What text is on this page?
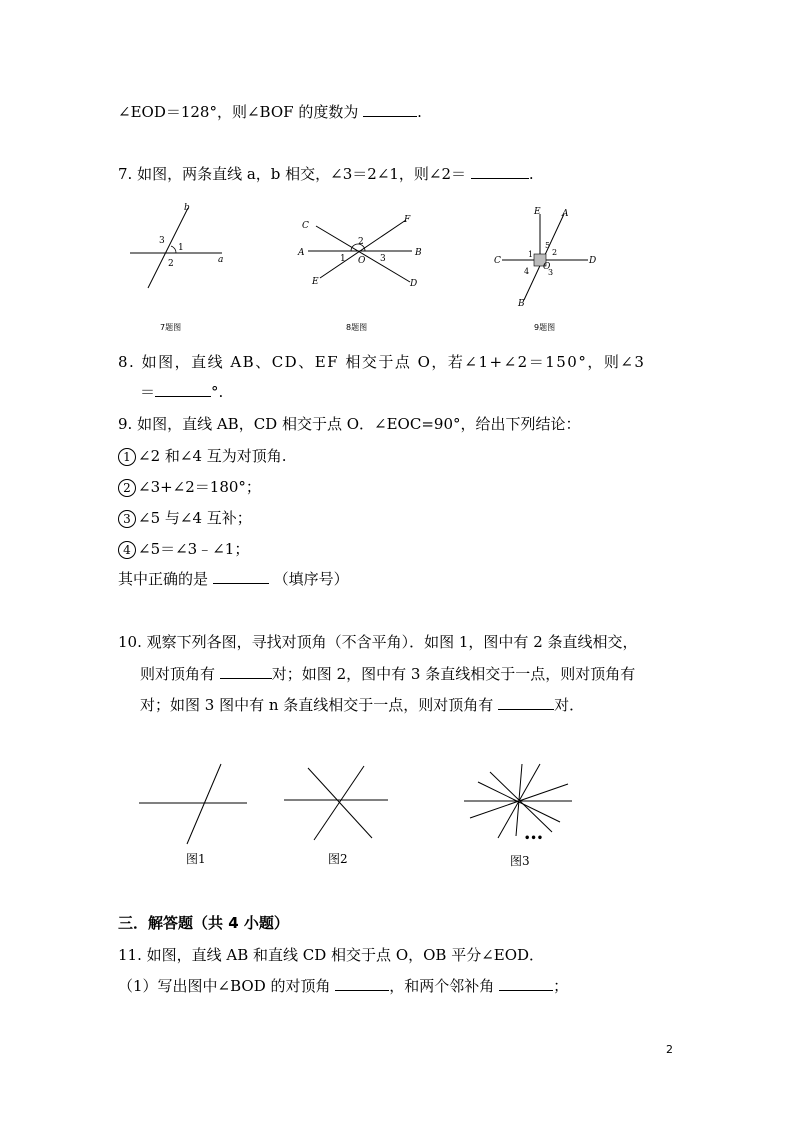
∠EOD＝128°，则∠BOF 的度数为	.
7. 如图，两条直线 a，b 相交，∠3＝2∠1，则∠2＝	.
a
b
1
2
3
7题图
A	B
C
D
E
F
O
1
2
3
8题图
A
B
C	D
E
O
1 2
3
4
5
9题图
8. 如图，直线 AB、CD、EF 相交于点 O，若∠1+∠2＝150°，则∠3
＝	°.
9. 如图，直线 AB，CD 相交于点 O．∠EOC=90°，给出下列结论：
1 ∠2 和∠4 互为对顶角.
2 ∠3+∠2＝180°；
3 ∠5 与∠4 互补；
4 ∠5＝∠3﹣∠1；
其中正确的是	（填序号）
10. 观察下列各图，寻找对顶角（不含平角）．如图 1，图中有 2 条直线相交，
则对顶角有	对；如图 2，图中有 3 条直线相交于一点，则对顶角有
对；如图 3 图中有 n 条直线相交于一点，则对顶角有	对．
图1	图2
•••
图3
三．解答题（共 4 小题）
11. 如图，直线 AB 和直线 CD 相交于点 O，OB 平分∠EOD．
（1）写出图中∠BOD 的对顶角	，和两个邻补角	；
2
